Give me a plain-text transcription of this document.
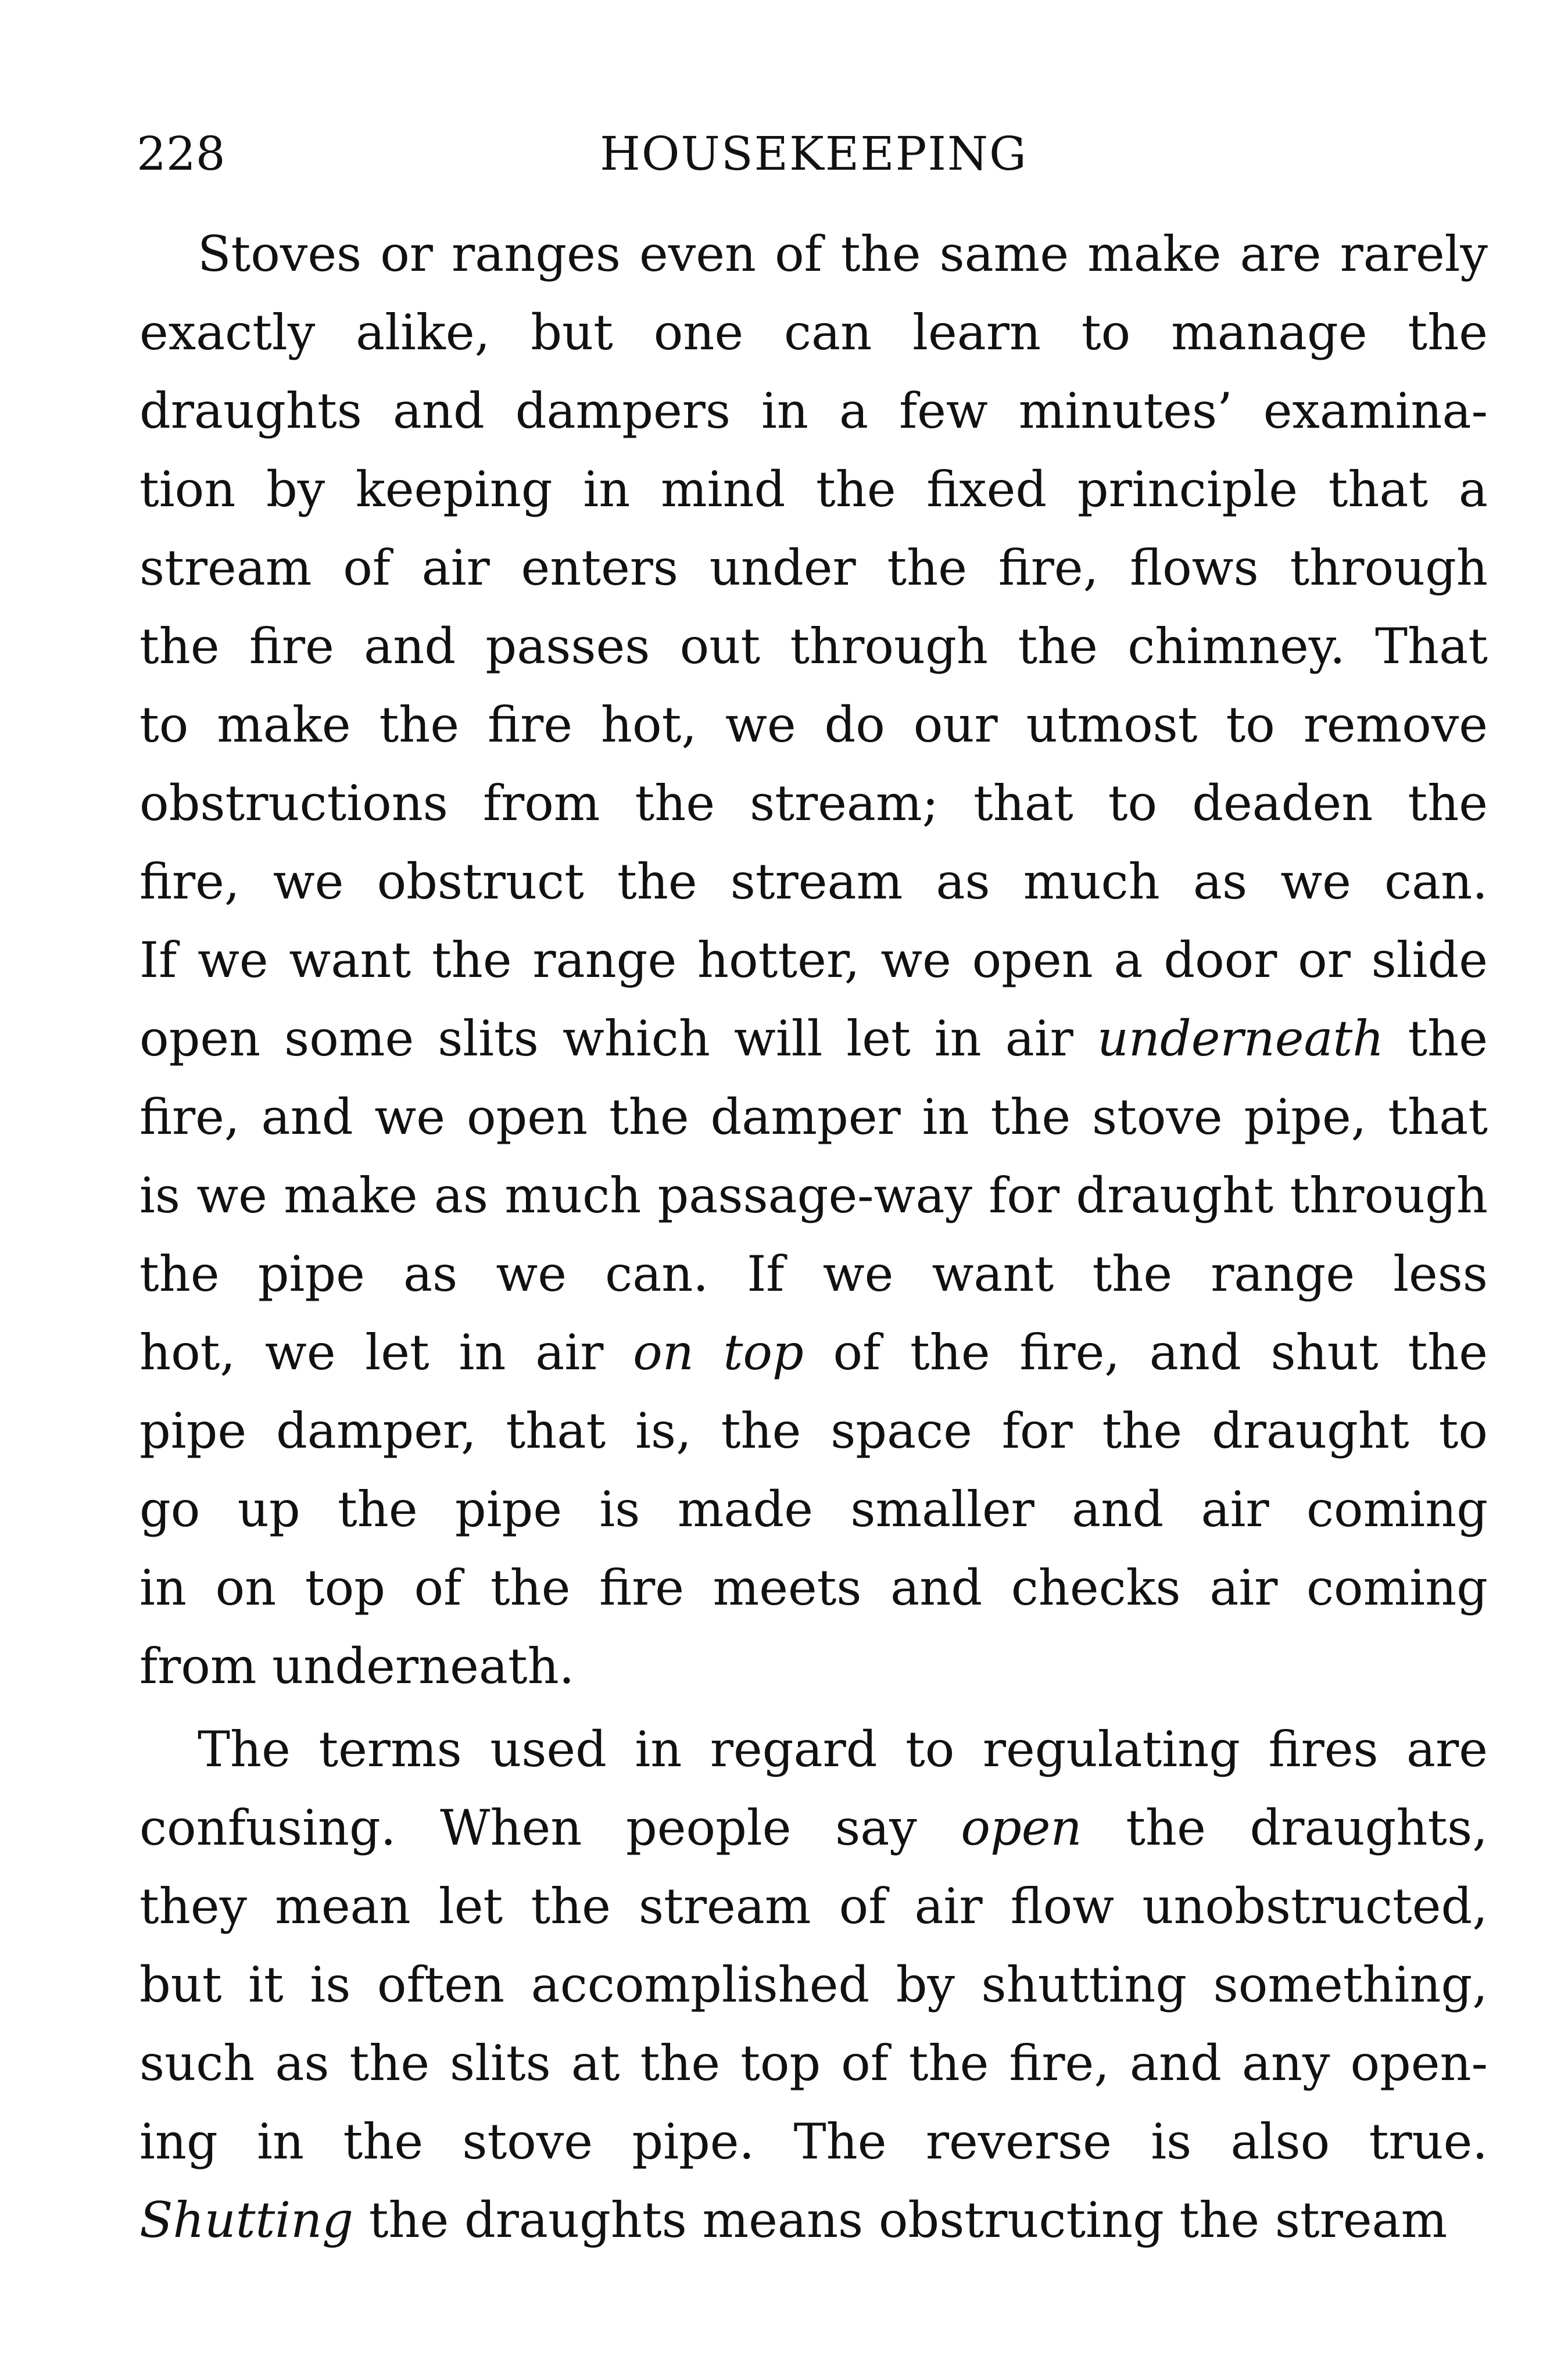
228	HOUSEKEEPING
Stoves or ranges even of the same make are rarely
exactly alike, but one can learn to manage the
draughts and dampers in a few minutes’ examina-
tion by keeping in mind the fixed principle that a
stream of air enters under the fire, flows through
the fire and passes out through the chimney. That
to make the fire hot, we do our utmost to remove
obstructions from the stream; that to deaden the
fire, we obstruct the stream as much as we can.
If we want the range hotter, we open a door or slide
open some slits which will let in air underneath the
fire, and we open the damper in the stove pipe, that
is we make as much passage-way for draught through
the pipe as we can. If we want the range less
hot, we let in air on top of the fire, and shut the
pipe damper, that is, the space for the draught to
go up the pipe is made smaller and air coming
in on top of the fire meets and checks air coming
from underneath.
The terms used in regard to regulating fires are
confusing. When people say open the draughts,
they mean let the stream of air flow unobstructed,
but it is often accomplished by shutting something,
such as the slits at the top of the fire, and any open-
ing in the stove pipe. The reverse is also true.
Shutting the draughts means obstructing the stream
